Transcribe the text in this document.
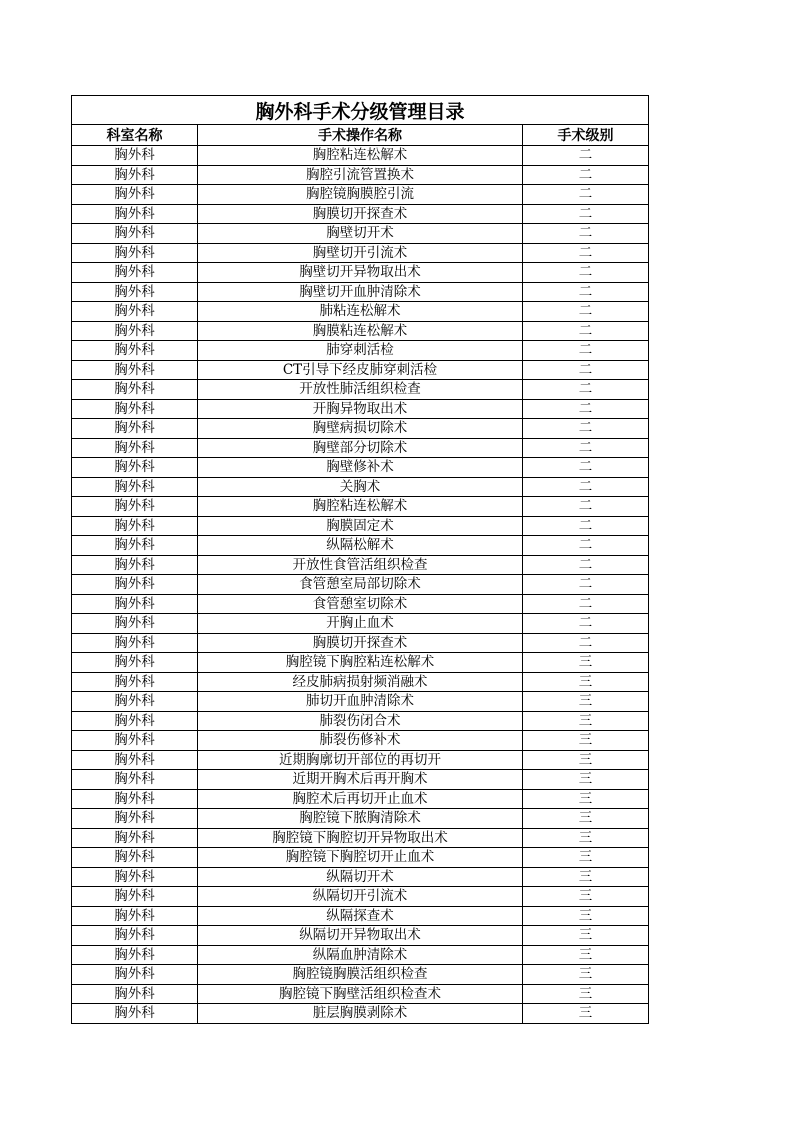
胸外科手术分级管理目录		
科室名称	手术操作名称	手术级别
胸外科	胸腔粘连松解术	二
胸外科	胸腔引流管置换术	二
胸外科	胸腔镜胸膜腔引流	二
胸外科	胸膜切开探查术	二
胸外科	胸壁切开术	二
胸外科	胸壁切开引流术	二
胸外科	胸壁切开异物取出术	二
胸外科	胸壁切开血肿清除术	二
胸外科	肺粘连松解术	二
胸外科	胸膜粘连松解术	二
胸外科	肺穿刺活检	二
胸外科	CT引导下经皮肺穿刺活检	二
胸外科	开放性肺活组织检查	二
胸外科	开胸异物取出术	二
胸外科	胸壁病损切除术	二
胸外科	胸壁部分切除术	二
胸外科	胸壁修补术	二
胸外科	关胸术	二
胸外科	胸腔粘连松解术	二
胸外科	胸膜固定术	二
胸外科	纵隔松解术	二
胸外科	开放性食管活组织检查	二
胸外科	食管憩室局部切除术	二
胸外科	食管憩室切除术	二
胸外科	开胸止血术	二
胸外科	胸膜切开探查术	二
胸外科	胸腔镜下胸腔粘连松解术	三
胸外科	经皮肺病损射频消融术	三
胸外科	肺切开血肿清除术	三
胸外科	肺裂伤闭合术	三
胸外科	肺裂伤修补术	三
胸外科	近期胸廓切开部位的再切开	三
胸外科	近期开胸术后再开胸术	三
胸外科	胸腔术后再切开止血术	三
胸外科	胸腔镜下脓胸清除术	三
胸外科	胸腔镜下胸腔切开异物取出术	三
胸外科	胸腔镜下胸腔切开止血术	三
胸外科	纵隔切开术	三
胸外科	纵隔切开引流术	三
胸外科	纵隔探查术	三
胸外科	纵隔切开异物取出术	三
胸外科	纵隔血肿清除术	三
胸外科	胸腔镜胸膜活组织检查	三
胸外科	胸腔镜下胸壁活组织检查术	三
胸外科	脏层胸膜剥除术	三
